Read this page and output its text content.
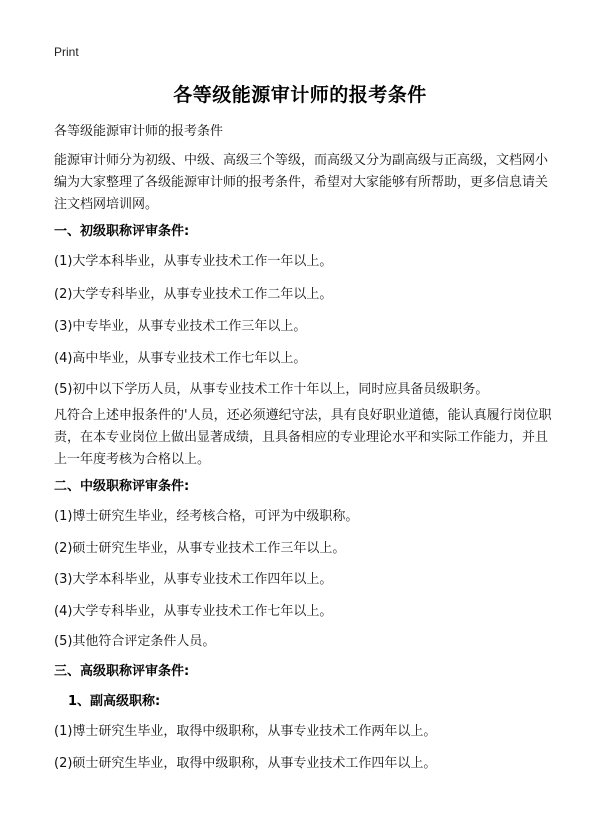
Print
各等级能源审计师的报考条件
各等级能源审计师的报考条件
能源审计师分为初级、中级、高级三个等级，而高级又分为副高级与正高级，文档网小编为大家整理了各级能源审计师的报考条件，希望对大家能够有所帮助，更多信息请关注文档网培训网。
一、初级职称评审条件:
(1)大学本科毕业，从事专业技术工作一年以上。
(2)大学专科毕业，从事专业技术工作二年以上。
(3)中专毕业，从事专业技术工作三年以上。
(4)高中毕业，从事专业技术工作七年以上。
(5)初中以下学历人员，从事专业技术工作十年以上，同时应具备员级职务。
凡符合上述申报条件的'人员，还必须遵纪守法，具有良好职业道德，能认真履行岗位职责，在本专业岗位上做出显著成绩，且具备相应的专业理论水平和实际工作能力，并且上一年度考核为合格以上。
二、中级职称评审条件:
(1)博士研究生毕业，经考核合格，可评为中级职称。
(2)硕士研究生毕业，从事专业技术工作三年以上。
(3)大学本科毕业，从事专业技术工作四年以上。
(4)大学专科毕业，从事专业技术工作七年以上。
(5)其他符合评定条件人员。
三、高级职称评审条件:
1、副高级职称:
(1)博士研究生毕业，取得中级职称，从事专业技术工作两年以上。
(2)硕士研究生毕业，取得中级职称，从事专业技术工作四年以上。
